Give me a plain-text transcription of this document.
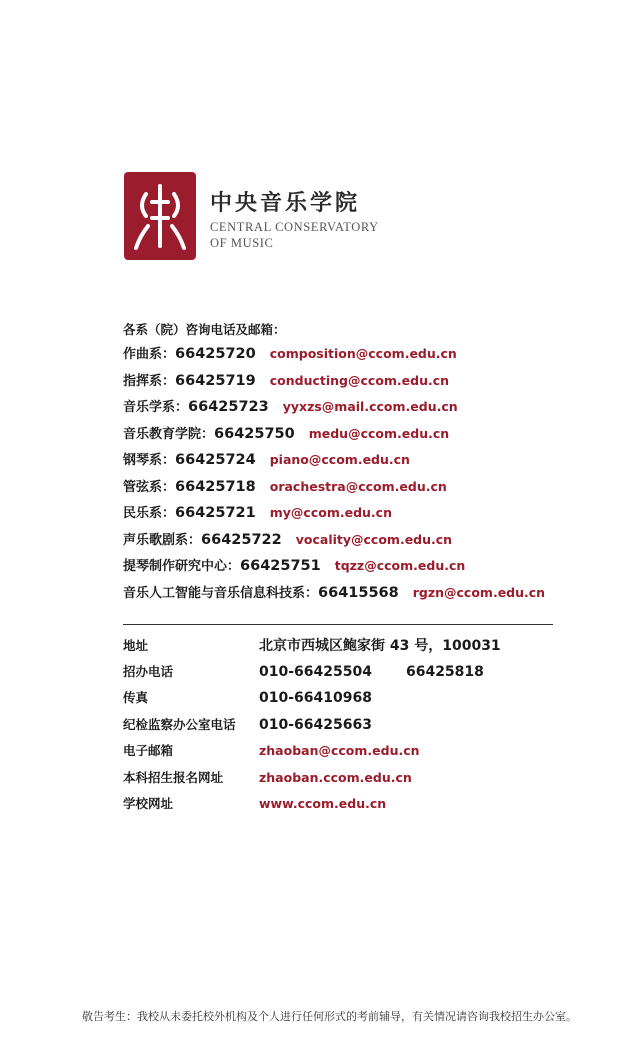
中央音乐学院
CENTRAL CONSERVATORY
OF MUSIC
各系（院）咨询电话及邮箱：
作曲系： 66425720 composition@ccom.edu.cn
指挥系： 66425719 conducting@ccom.edu.cn
音乐学系： 66425723 yyxzs@mail.ccom.edu.cn
音乐教育学院： 66425750 medu@ccom.edu.cn
钢琴系： 66425724 piano@ccom.edu.cn
管弦系： 66425718 orachestra@ccom.edu.cn
民乐系： 66425721 my@ccom.edu.cn
声乐歌剧系： 66425722 vocality@ccom.edu.cn
提琴制作研究中心： 66425751 tqzz@ccom.edu.cn
音乐人工智能与音乐信息科技系： 66415568 rgzn@ccom.edu.cn
地址	北京市西城区鲍家街 43 号，100031
招办电话	010-66425504 66425818
传真	010-66410968
纪检监察办公室电话	010-66425663
电子邮箱	zhaoban@ccom.edu.cn
本科招生报名网址	zhaoban.ccom.edu.cn
学校网址	www.ccom.edu.cn
敬告考生：我校从未委托校外机构及个人进行任何形式的考前辅导，有关情况请咨询我校招生办公室。
